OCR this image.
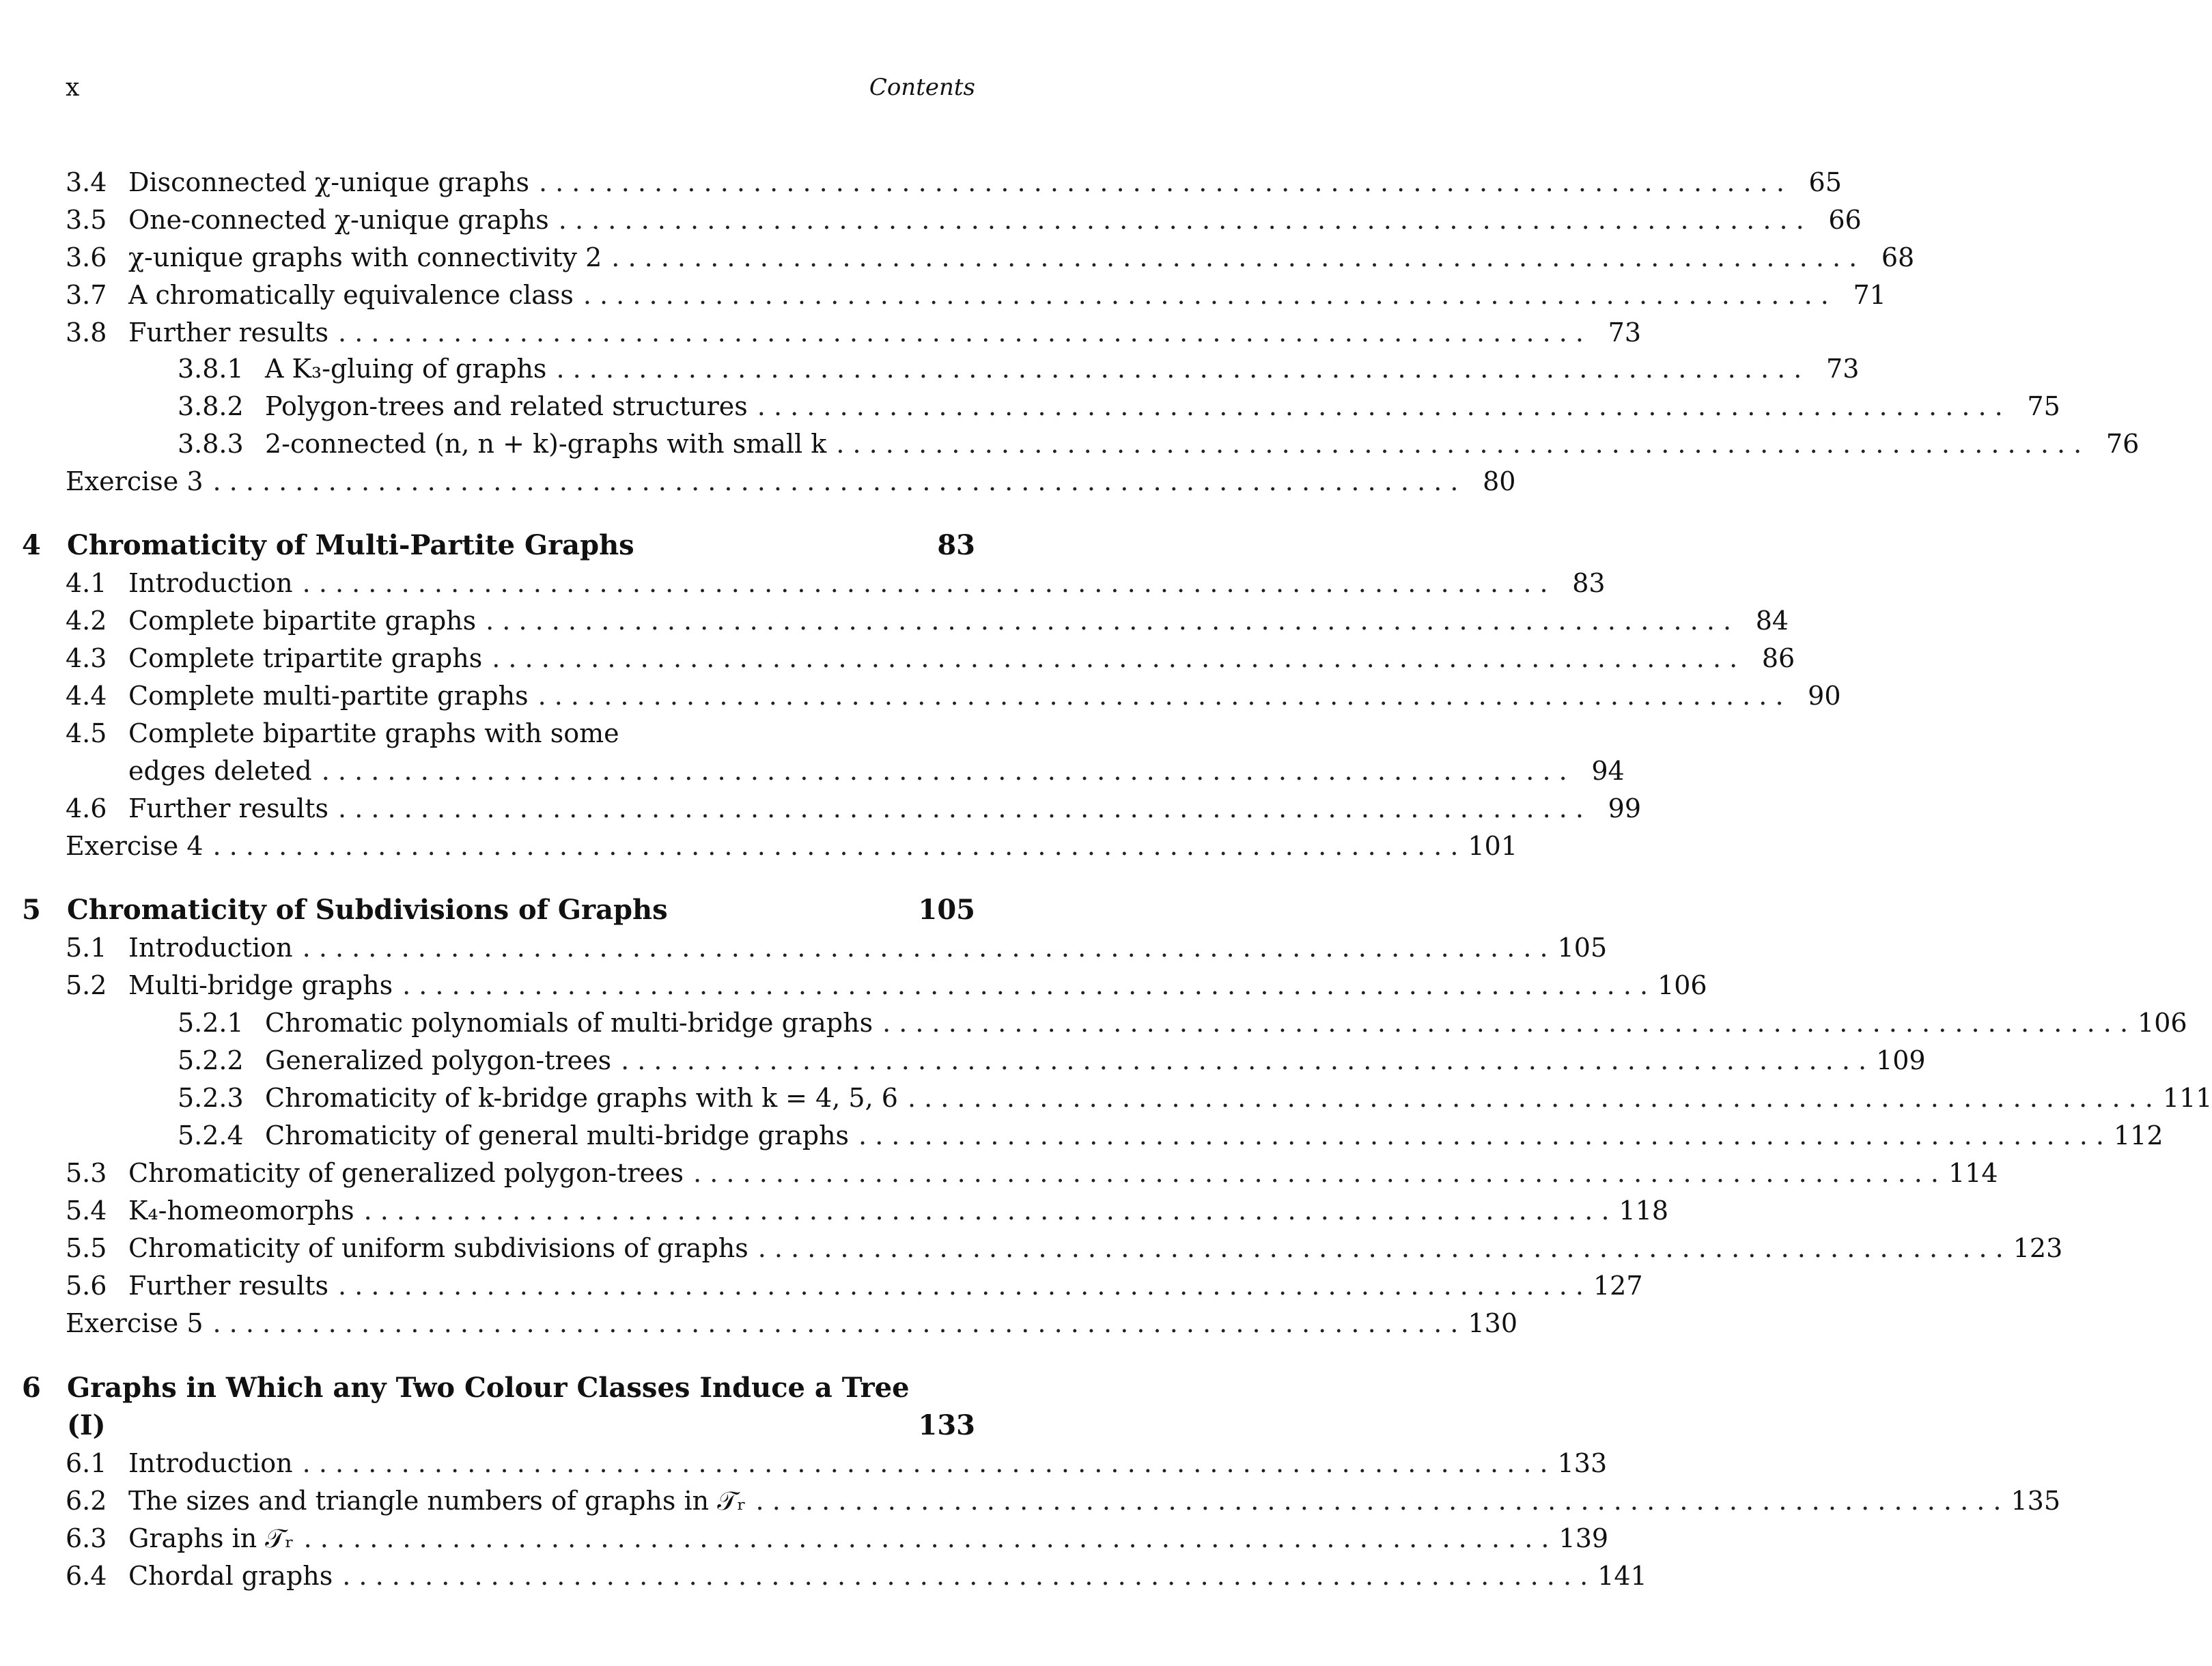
x	Contents
3.4 Disconnected χ-unique graphs . . .	65
3.5 One-connected χ-unique graphs . . .	66
3.6 χ-unique graphs with connectivity 2 . . .	68
3.7 A chromatically equivalence class . . .	71
3.8 Further results . . .	73
3.8.1 A K₃-gluing of graphs . . .	73
3.8.2 Polygon-trees and related structures . . .	75
3.8.3 2-connected (n, n + k)-graphs with small k . . .	76
Exercise 3 . . .	80
4 Chromaticity of Multi-Partite Graphs	83
4.1 Introduction . . .	83
4.2 Complete bipartite graphs . . .	84
4.3 Complete tripartite graphs . . .	86
4.4 Complete multi-partite graphs . . .	90
4.5 Complete bipartite graphs with some
edges deleted . . .	94
4.6 Further results . . .	99
Exercise 4 . . .	101
5 Chromaticity of Subdivisions of Graphs	105
5.1 Introduction . . .	105
5.2 Multi-bridge graphs . . .	106
5.2.1 Chromatic polynomials of multi-bridge graphs . . .	106
5.2.2 Generalized polygon-trees . . .	109
5.2.3 Chromaticity of k-bridge graphs with k = 4, 5, 6 . . .	111
5.2.4 Chromaticity of general multi-bridge graphs . . .	112
5.3 Chromaticity of generalized polygon-trees . . .	114
5.4 K₄-homeomorphs . . .	118
5.5 Chromaticity of uniform subdivisions of graphs . . .	123
5.6 Further results . . .	127
Exercise 5 . . .	130
6 Graphs in Which any Two Colour Classes Induce a Tree
(I)	133
6.1 Introduction . . .	133
6.2 The sizes and triangle numbers of graphs in 𝒯ᵣ . . .	135
6.3 Graphs in 𝒯ᵣ . . .	139
6.4 Chordal graphs . . .	141
